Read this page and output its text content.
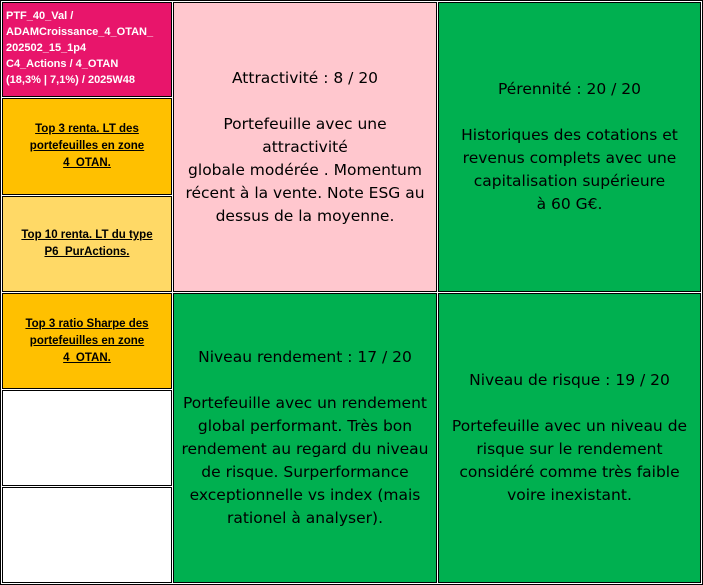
PTF_40_Val /
ADAMCroissance_4_OTAN_
202502_15_1p4
C4_Actions / 4_OTAN
(18,3% | 7,1%) / 2025W48
Top 3 renta. LT des
portefeuilles en zone
4_OTAN.
Top 10 renta. LT du type
P6_PurActions.
Top 3 ratio Sharpe des
portefeuilles en zone
4_OTAN.
Attractivité : 8 / 20
Portefeuille avec une attractivité
globale modérée . Momentum
récent à la vente. Note ESG au
dessus de la moyenne.
Pérennité : 20 / 20
Historiques des cotations et
revenus complets avec une
capitalisation supérieure
à 60 G€.
Niveau rendement : 17 / 20
Portefeuille avec un rendement
global performant. Très bon
rendement au regard du niveau
de risque. Surperformance
exceptionnelle vs index (mais
rationel à analyser).
Niveau de risque : 19 / 20
Portefeuille avec un niveau de
risque sur le rendement
considéré comme très faible
voire inexistant.
